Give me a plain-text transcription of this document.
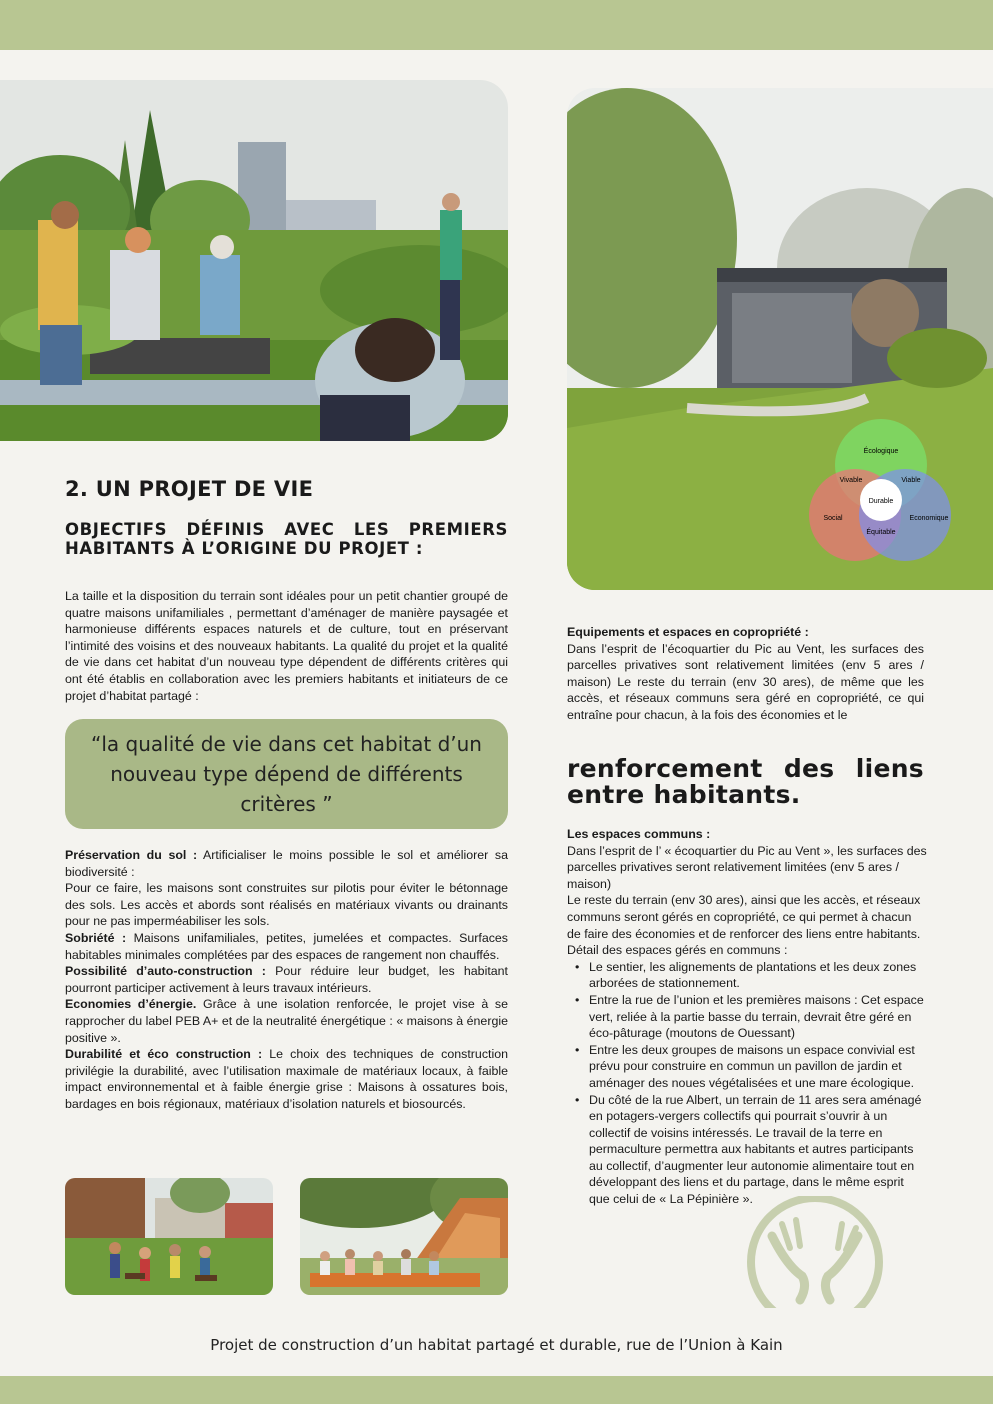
Écologique
Social	Economique
Vivable	Viable
Équitable
Durable
2. UN PROJET DE VIE
OBJECTIFS DÉFINIS AVEC LES PREMIERS HABITANTS À L’ORIGINE DU PROJET :

La taille et la disposition du terrain sont idéales pour un petit chantier groupé de quatre maisons unifamiliales , permettant d’aménager de manière paysagée et harmonieuse différents espaces naturels et de culture, tout en préservant l’intimité des voisins et des nouveaux habitants. La qualité du projet et la qualité de vie dans cet habitat d’un nouveau type dépendent de différents critères qui ont été établis en collaboration avec les premiers habitants et initiateurs de ce projet d’habitat partagé :

“la qualité de vie dans cet habitat d’un nouveau type dépend de différents critères ”
Préservation du sol : Artificialiser le moins possible le sol et améliorer sa biodiversité :
Pour ce faire, les maisons sont construites sur pilotis pour éviter le bétonnage des sols. Les accès et abords sont réalisés en matériaux vivants ou drainants pour ne pas imperméabiliser les sols.
Sobriété : Maisons unifamiliales, petites, jumelées et compactes. Surfaces habitables minimales complétées par des espaces de rangement non chauffés.
Possibilité d’auto-construction : Pour réduire leur budget, les habitant pourront participer activement à leurs travaux intérieurs.
Economies d’énergie. Grâce à une isolation renforcée, le projet vise à se rapprocher du label PEB A+ et de la neutralité énergétique : « maisons à énergie positive ».
Durabilité et éco construction : Le choix des techniques de construction privilégie la durabilité, avec l’utilisation maximale de matériaux locaux, à faible impact environnemental et à faible énergie grise : Maisons à ossatures bois, bardages en bois régionaux, matériaux d’isolation naturels et biosourcés.
Equipements et espaces en copropriété :
Dans l’esprit de l’écoquartier du Pic au Vent, les surfaces des parcelles privatives sont relativement limitées (env 5 ares / maison) Le reste du terrain (env 30 ares), de même que les accès, et réseaux communs sera géré en copropriété, ce qui entraîne pour chacun, à la fois des économies et le
renforcement des liens entre habitants.
Les espaces communs :
Dans l’esprit de l’ « écoquartier du Pic au Vent », les surfaces des parcelles privatives seront relativement limitées (env 5 ares / maison)
Le reste du terrain (env 30 ares), ainsi que les accès, et réseaux communs seront gérés en copropriété, ce qui permet à chacun de faire des économies et de renforcer des liens entre habitants.
Détail des espaces gérés en communs :
• Le sentier, les alignements de plantations et les deux zones arborées de stationnement.
• Entre la rue de l’union et les premières maisons : Cet espace vert, reliée à la partie basse du terrain, devrait être géré en éco-pâturage (moutons de Ouessant)
• Entre les deux groupes de maisons un espace convivial est prévu pour construire en commun un pavillon de jardin et aménager des noues végétalisées et une mare écologique.
• Du côté de la rue Albert, un terrain de 11 ares sera aménagé en potagers-vergers collectifs qui pourrait s’ouvrir à un collectif de voisins intéressés. Le travail de la terre en permaculture permettra aux habitants et autres participants au collectif, d’augmenter leur autonomie alimentaire tout en développant des liens et du partage, dans le même esprit que celui de « La Pépinière ».
Projet de construction d’un habitat partagé et durable, rue de l’Union à Kain
